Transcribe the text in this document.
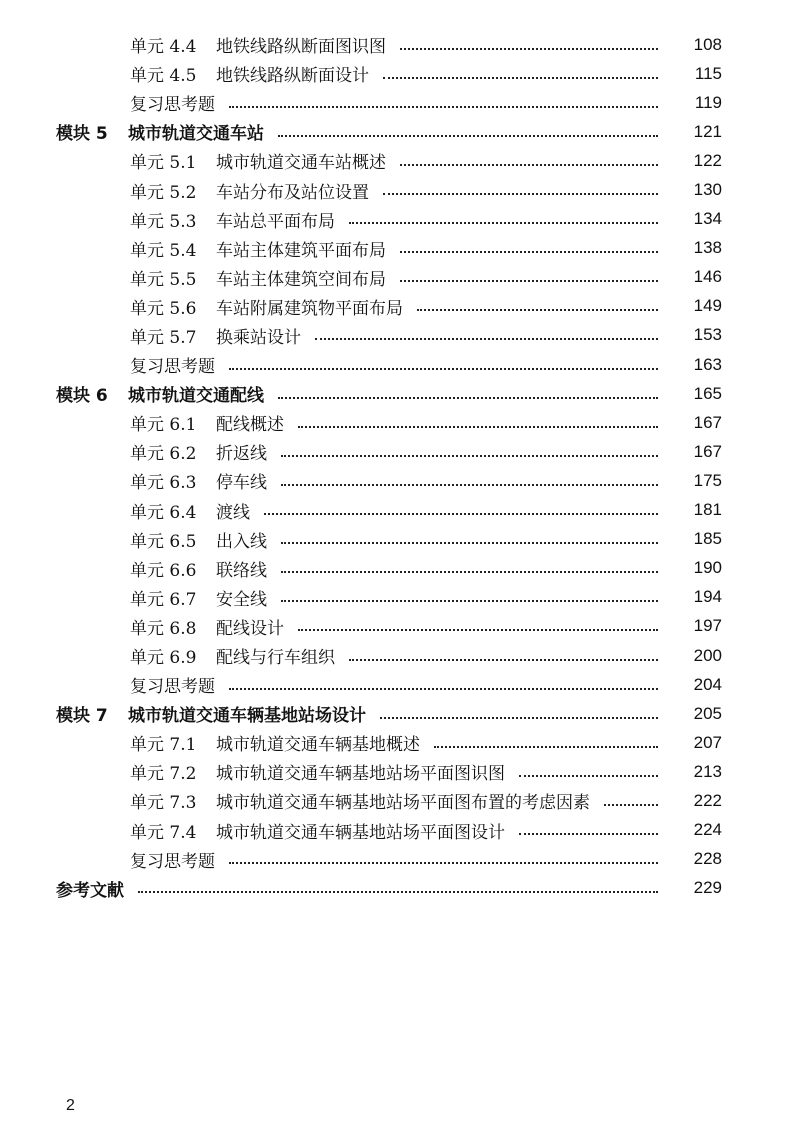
单元 4.4	地铁线路纵断面图识图	108
单元 4.5	地铁线路纵断面设计	115
复习思考题	119
模块 5	城市轨道交通车站	121
单元 5.1	城市轨道交通车站概述	122
单元 5.2	车站分布及站位设置	130
单元 5.3	车站总平面布局	134
单元 5.4	车站主体建筑平面布局	138
单元 5.5	车站主体建筑空间布局	146
单元 5.6	车站附属建筑物平面布局	149
单元 5.7	换乘站设计	153
复习思考题	163
模块 6	城市轨道交通配线	165
单元 6.1	配线概述	167
单元 6.2	折返线	167
单元 6.3	停车线	175
单元 6.4	渡线	181
单元 6.5	出入线	185
单元 6.6	联络线	190
单元 6.7	安全线	194
单元 6.8	配线设计	197
单元 6.9	配线与行车组织	200
复习思考题	204
模块 7	城市轨道交通车辆基地站场设计	205
单元 7.1	城市轨道交通车辆基地概述	207
单元 7.2	城市轨道交通车辆基地站场平面图识图	213
单元 7.3	城市轨道交通车辆基地站场平面图布置的考虑因素	222
单元 7.4	城市轨道交通车辆基地站场平面图设计	224
复习思考题	228
参考文献	229
2
